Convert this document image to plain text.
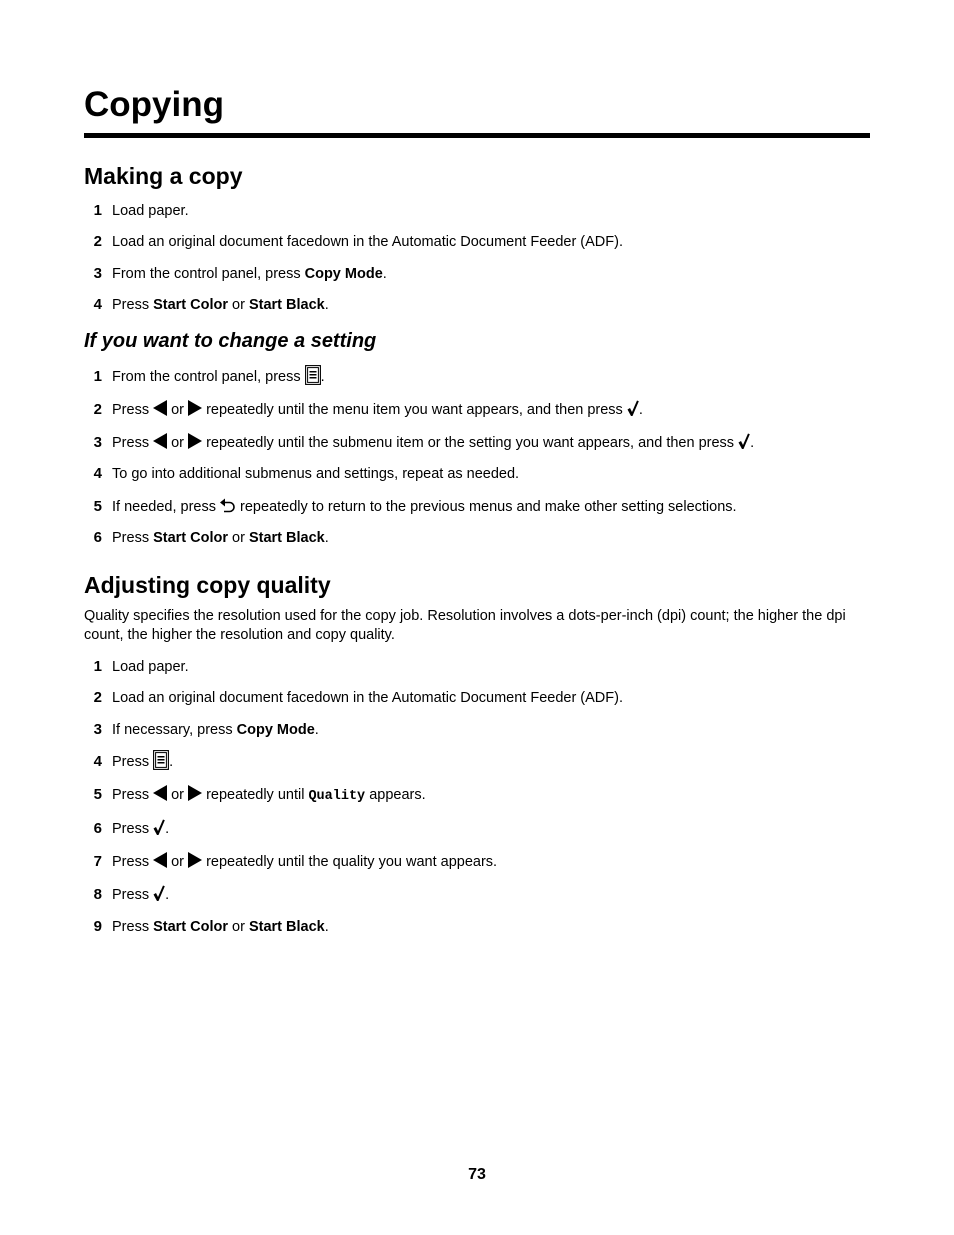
Copying
Making a copy
1 Load paper.
2 Load an original document facedown in the Automatic Document Feeder (ADF).
3 From the control panel, press Copy Mode.
4 Press Start Color or Start Black.
If you want to change a setting
1 From the control panel, press .
2 Press  or  repeatedly until the menu item you want appears, and then press .
3 Press  or  repeatedly until the submenu item or the setting you want appears, and then press .
4 To go into additional submenus and settings, repeat as needed.
5 If needed, press  repeatedly to return to the previous menus and make other setting selections.
6 Press Start Color or Start Black.
Adjusting copy quality

Quality specifies the resolution used for the copy job. Resolution involves a dots-per-inch (dpi) count; the higher the dpi count, the higher the resolution and copy quality.

1 Load paper.
2 Load an original document facedown in the Automatic Document Feeder (ADF).
3 If necessary, press Copy Mode.
4 Press .
5 Press  or  repeatedly until Quality appears.
6 Press .
7 Press  or  repeatedly until the quality you want appears.
8 Press .
9 Press Start Color or Start Black.
73
